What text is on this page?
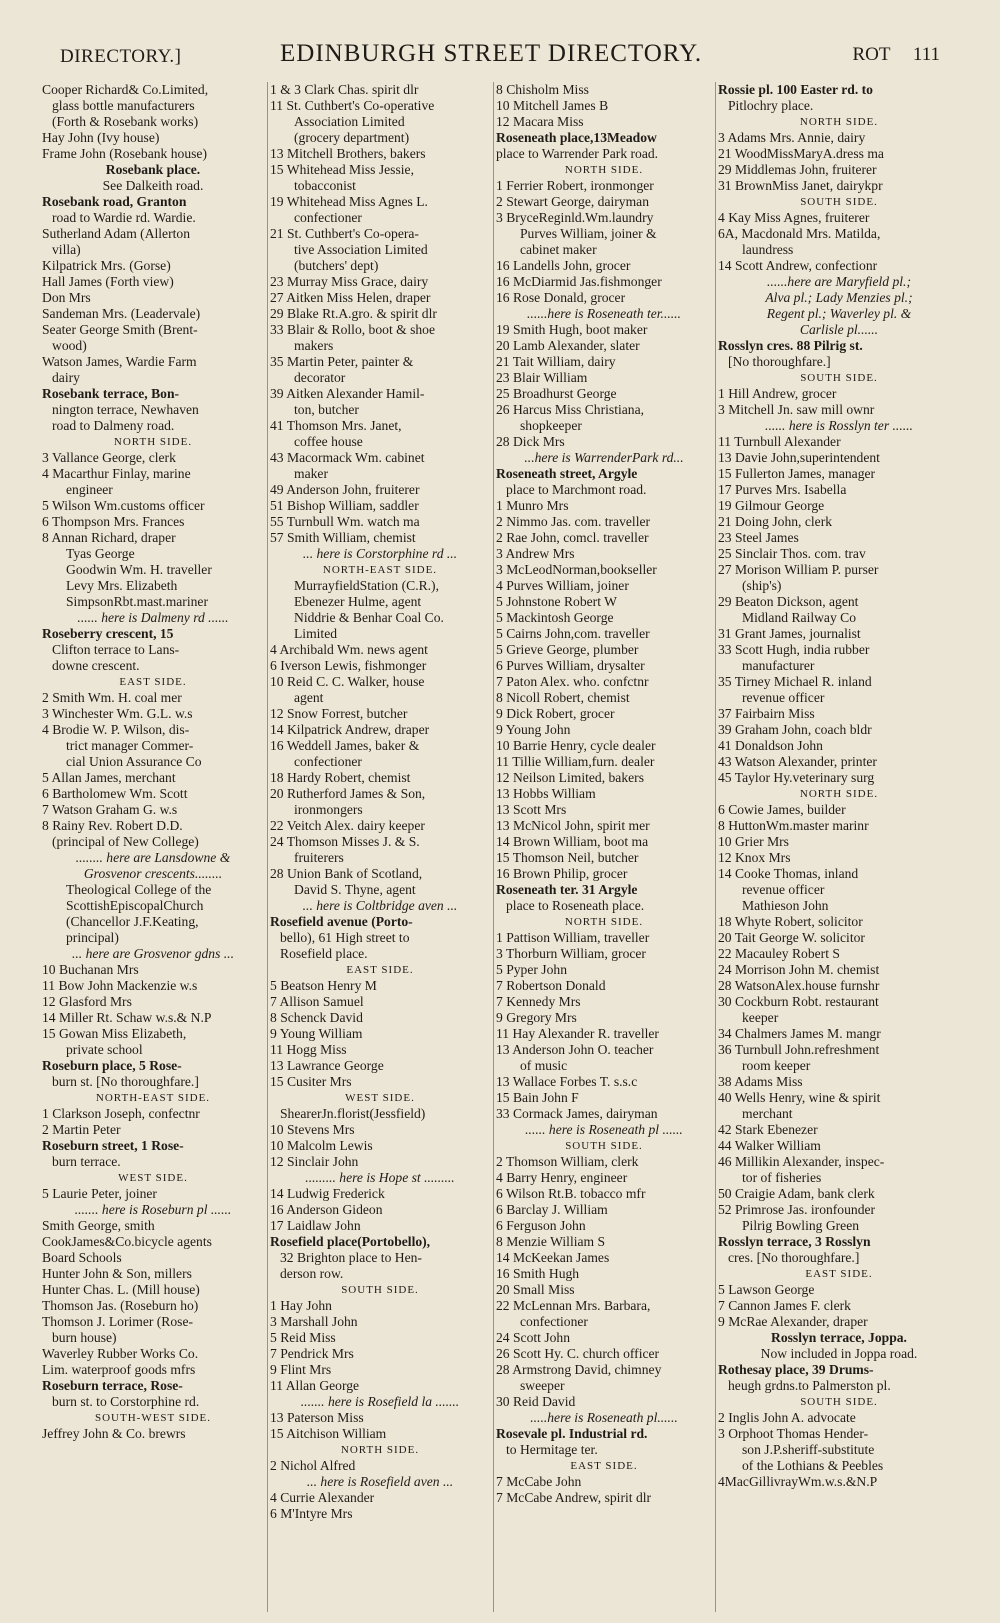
DIRECTORY.]	EDINBURGH STREET DIRECTORY.	ROT 111
Cooper Richard& Co.Limited,
glass bottle manufacturers
(Forth & Rosebank works)
Hay John (Ivy house)
Frame John (Rosebank house)
Rosebank place.
See Dalkeith road.
Rosebank road, Granton
road to Wardie rd. Wardie.
Sutherland Adam (Allerton
villa)
Kilpatrick Mrs. (Gorse)
Hall James (Forth view)
Don Mrs
Sandeman Mrs. (Leadervale)
Seater George Smith (Brent-
wood)
Watson James, Wardie Farm
dairy
Rosebank terrace, Bon-
nington terrace, Newhaven
road to Dalmeny road.
NORTH SIDE.
3 Vallance George, clerk
4 Macarthur Finlay, marine
engineer
5 Wilson Wm.customs officer
6 Thompson Mrs. Frances
8 Annan Richard, draper
Tyas George
Goodwin Wm. H. traveller
Levy Mrs. Elizabeth
SimpsonRbt.mast.mariner
...... here is Dalmeny rd ......
Roseberry crescent, 15
Clifton terrace to Lans-
downe crescent.
EAST SIDE.
2 Smith Wm. H. coal mer
3 Winchester Wm. G.L. w.s
4 Brodie W. P. Wilson, dis-
trict manager Commer-
cial Union Assurance Co
5 Allan James, merchant
6 Bartholomew Wm. Scott
7 Watson Graham G. w.s
8 Rainy Rev. Robert D.D.
(principal of New College)
........ here are Lansdowne &
Grosvenor crescents........
Theological College of the
ScottishEpiscopalChurch
(Chancellor J.F.Keating,
principal)
... here are Grosvenor gdns ...
10 Buchanan Mrs
11 Bow John Mackenzie w.s
12 Glasford Mrs
14 Miller Rt. Schaw w.s.& N.P
15 Gowan Miss Elizabeth,
private school
Roseburn place, 5 Rose-
burn st. [No thoroughfare.]
NORTH-EAST SIDE.
1 Clarkson Joseph, confectnr
2 Martin Peter
Roseburn street, 1 Rose-
burn terrace.
WEST SIDE.
5 Laurie Peter, joiner
....... here is Roseburn pl ......
Smith George, smith
CookJames&Co.bicycle agents
Board Schools
Hunter John & Son, millers
Hunter Chas. L. (Mill house)
Thomson Jas. (Roseburn ho)
Thomson J. Lorimer (Rose-
burn house)
Waverley Rubber Works Co.
Lim. waterproof goods mfrs
Roseburn terrace, Rose-
burn st. to Corstorphine rd.
SOUTH-WEST SIDE.
Jeffrey John & Co. brewrs
1 & 3 Clark Chas. spirit dlr
11 St. Cuthbert's Co-operative
Association Limited
(grocery department)
13 Mitchell Brothers, bakers
15 Whitehead Miss Jessie,
tobacconist
19 Whitehead Miss Agnes L.
confectioner
21 St. Cuthbert's Co-opera-
tive Association Limited
(butchers' dept)
23 Murray Miss Grace, dairy
27 Aitken Miss Helen, draper
29 Blake Rt.A.gro. & spirit dlr
33 Blair & Rollo, boot & shoe
makers
35 Martin Peter, painter &
decorator
39 Aitken Alexander Hamil-
ton, butcher
41 Thomson Mrs. Janet,
coffee house
43 Macormack Wm. cabinet
maker
49 Anderson John, fruiterer
51 Bishop William, saddler
55 Turnbull Wm. watch ma
57 Smith William, chemist
... here is Corstorphine rd ...
NORTH-EAST SIDE.
MurrayfieldStation (C.R.),
Ebenezer Hulme, agent
Niddrie & Benhar Coal Co.
Limited
4 Archibald Wm. news agent
6 Iverson Lewis, fishmonger
10 Reid C. C. Walker, house
agent
12 Snow Forrest, butcher
14 Kilpatrick Andrew, draper
16 Weddell James, baker &
confectioner
18 Hardy Robert, chemist
20 Rutherford James & Son,
ironmongers
22 Veitch Alex. dairy keeper
24 Thomson Misses J. & S.
fruiterers
28 Union Bank of Scotland,
David S. Thyne, agent
... here is Coltbridge aven ...
Rosefield avenue (Porto-
bello), 61 High street to
Rosefield place.
EAST SIDE.
5 Beatson Henry M
7 Allison Samuel
8 Schenck David
9 Young William
11 Hogg Miss
13 Lawrance George
15 Cusiter Mrs
WEST SIDE.
ShearerJn.florist(Jessfield)
10 Stevens Mrs
10 Malcolm Lewis
12 Sinclair John
......... here is Hope st .........
14 Ludwig Frederick
16 Anderson Gideon
17 Laidlaw John
Rosefield place(Portobello),
32 Brighton place to Hen-
derson row.
SOUTH SIDE.
1 Hay John
3 Marshall John
5 Reid Miss
7 Pendrick Mrs
9 Flint Mrs
11 Allan George
....... here is Rosefield la .......
13 Paterson Miss
15 Aitchison William
NORTH SIDE.
2 Nichol Alfred
... here is Rosefield aven ...
4 Currie Alexander
6 M'Intyre Mrs
8 Chisholm Miss
10 Mitchell James B
12 Macara Miss
Roseneath place,13Meadow
place to Warrender Park road.
NORTH SIDE.
1 Ferrier Robert, ironmonger
2 Stewart George, dairyman
3 BryceReginld.Wm.laundry
Purves William, joiner &
cabinet maker
16 Landells John, grocer
16 McDiarmid Jas.fishmonger
16 Rose Donald, grocer
......here is Roseneath ter......
19 Smith Hugh, boot maker
20 Lamb Alexander, slater
21 Tait William, dairy
23 Blair William
25 Broadhurst George
26 Harcus Miss Christiana,
shopkeeper
28 Dick Mrs
...here is WarrenderPark rd...
Roseneath street, Argyle
place to Marchmont road.
1 Munro Mrs
2 Nimmo Jas. com. traveller
2 Rae John, comcl. traveller
3 Andrew Mrs
3 McLeodNorman,bookseller
4 Purves William, joiner
5 Johnstone Robert W
5 Mackintosh George
5 Cairns John,com. traveller
5 Grieve George, plumber
6 Purves William, drysalter
7 Paton Alex. who. confctnr
8 Nicoll Robert, chemist
9 Dick Robert, grocer
9 Young John
10 Barrie Henry, cycle dealer
11 Tillie William,furn. dealer
12 Neilson Limited, bakers
13 Hobbs William
13 Scott Mrs
13 McNicol John, spirit mer
14 Brown William, boot ma
15 Thomson Neil, butcher
16 Brown Philip, grocer
Roseneath ter. 31 Argyle
place to Roseneath place.
NORTH SIDE.
1 Pattison William, traveller
3 Thorburn William, grocer
5 Pyper John
7 Robertson Donald
7 Kennedy Mrs
9 Gregory Mrs
11 Hay Alexander R. traveller
13 Anderson John O. teacher
of music
13 Wallace Forbes T. s.s.c
15 Bain John F
33 Cormack James, dairyman
...... here is Roseneath pl ......
SOUTH SIDE.
2 Thomson William, clerk
4 Barry Henry, engineer
6 Wilson Rt.B. tobacco mfr
6 Barclay J. William
6 Ferguson John
8 Menzie William S
14 McKeekan James
16 Smith Hugh
20 Small Miss
22 McLennan Mrs. Barbara,
confectioner
24 Scott John
26 Scott Hy. C. church officer
28 Armstrong David, chimney
sweeper
30 Reid David
.....here is Roseneath pl......
Rosevale pl. Industrial rd.
to Hermitage ter.
EAST SIDE.
7 McCabe John
7 McCabe Andrew, spirit dlr
Rossie pl. 100 Easter rd. to
Pitlochry place.
NORTH SIDE.
3 Adams Mrs. Annie, dairy
21 WoodMissMaryA.dress ma
29 Middlemas John, fruiterer
31 BrownMiss Janet, dairykpr
SOUTH SIDE.
4 Kay Miss Agnes, fruiterer
6A, Macdonald Mrs. Matilda,
laundress
14 Scott Andrew, confectionr
......here are Maryfield pl.;
Alva pl.; Lady Menzies pl.;
Regent pl.; Waverley pl. &
Carlisle pl......
Rosslyn cres. 88 Pilrig st.
[No thoroughfare.]
SOUTH SIDE.
1 Hill Andrew, grocer
3 Mitchell Jn. saw mill ownr
...... here is Rosslyn ter ......
11 Turnbull Alexander
13 Davie John,superintendent
15 Fullerton James, manager
17 Purves Mrs. Isabella
19 Gilmour George
21 Doing John, clerk
23 Steel James
25 Sinclair Thos. com. trav
27 Morison William P. purser
(ship's)
29 Beaton Dickson, agent
Midland Railway Co
31 Grant James, journalist
33 Scott Hugh, india rubber
manufacturer
35 Tirney Michael R. inland
revenue officer
37 Fairbairn Miss
39 Graham John, coach bldr
41 Donaldson John
43 Watson Alexander, printer
45 Taylor Hy.veterinary surg
NORTH SIDE.
6 Cowie James, builder
8 HuttonWm.master marinr
10 Grier Mrs
12 Knox Mrs
14 Cooke Thomas, inland
revenue officer
Mathieson John
18 Whyte Robert, solicitor
20 Tait George W. solicitor
22 Macauley Robert S
24 Morrison John M. chemist
28 WatsonAlex.house furnshr
30 Cockburn Robt. restaurant
keeper
34 Chalmers James M. mangr
36 Turnbull John.refreshment
room keeper
38 Adams Miss
40 Wells Henry, wine & spirit
merchant
42 Stark Ebenezer
44 Walker William
46 Millikin Alexander, inspec-
tor of fisheries
50 Craigie Adam, bank clerk
52 Primrose Jas. ironfounder
Pilrig Bowling Green
Rosslyn terrace, 3 Rosslyn
cres. [No thoroughfare.]
EAST SIDE.
5 Lawson George
7 Cannon James F. clerk
9 McRae Alexander, draper
Rosslyn terrace, Joppa.
Now included in Joppa road.
Rothesay place, 39 Drums-
heugh grdns.to Palmerston pl.
SOUTH SIDE.
2 Inglis John A. advocate
3 Orphoot Thomas Hender-
son J.P.sheriff-substitute
of the Lothians & Peebles
4MacGillivrayWm.w.s.&N.P
